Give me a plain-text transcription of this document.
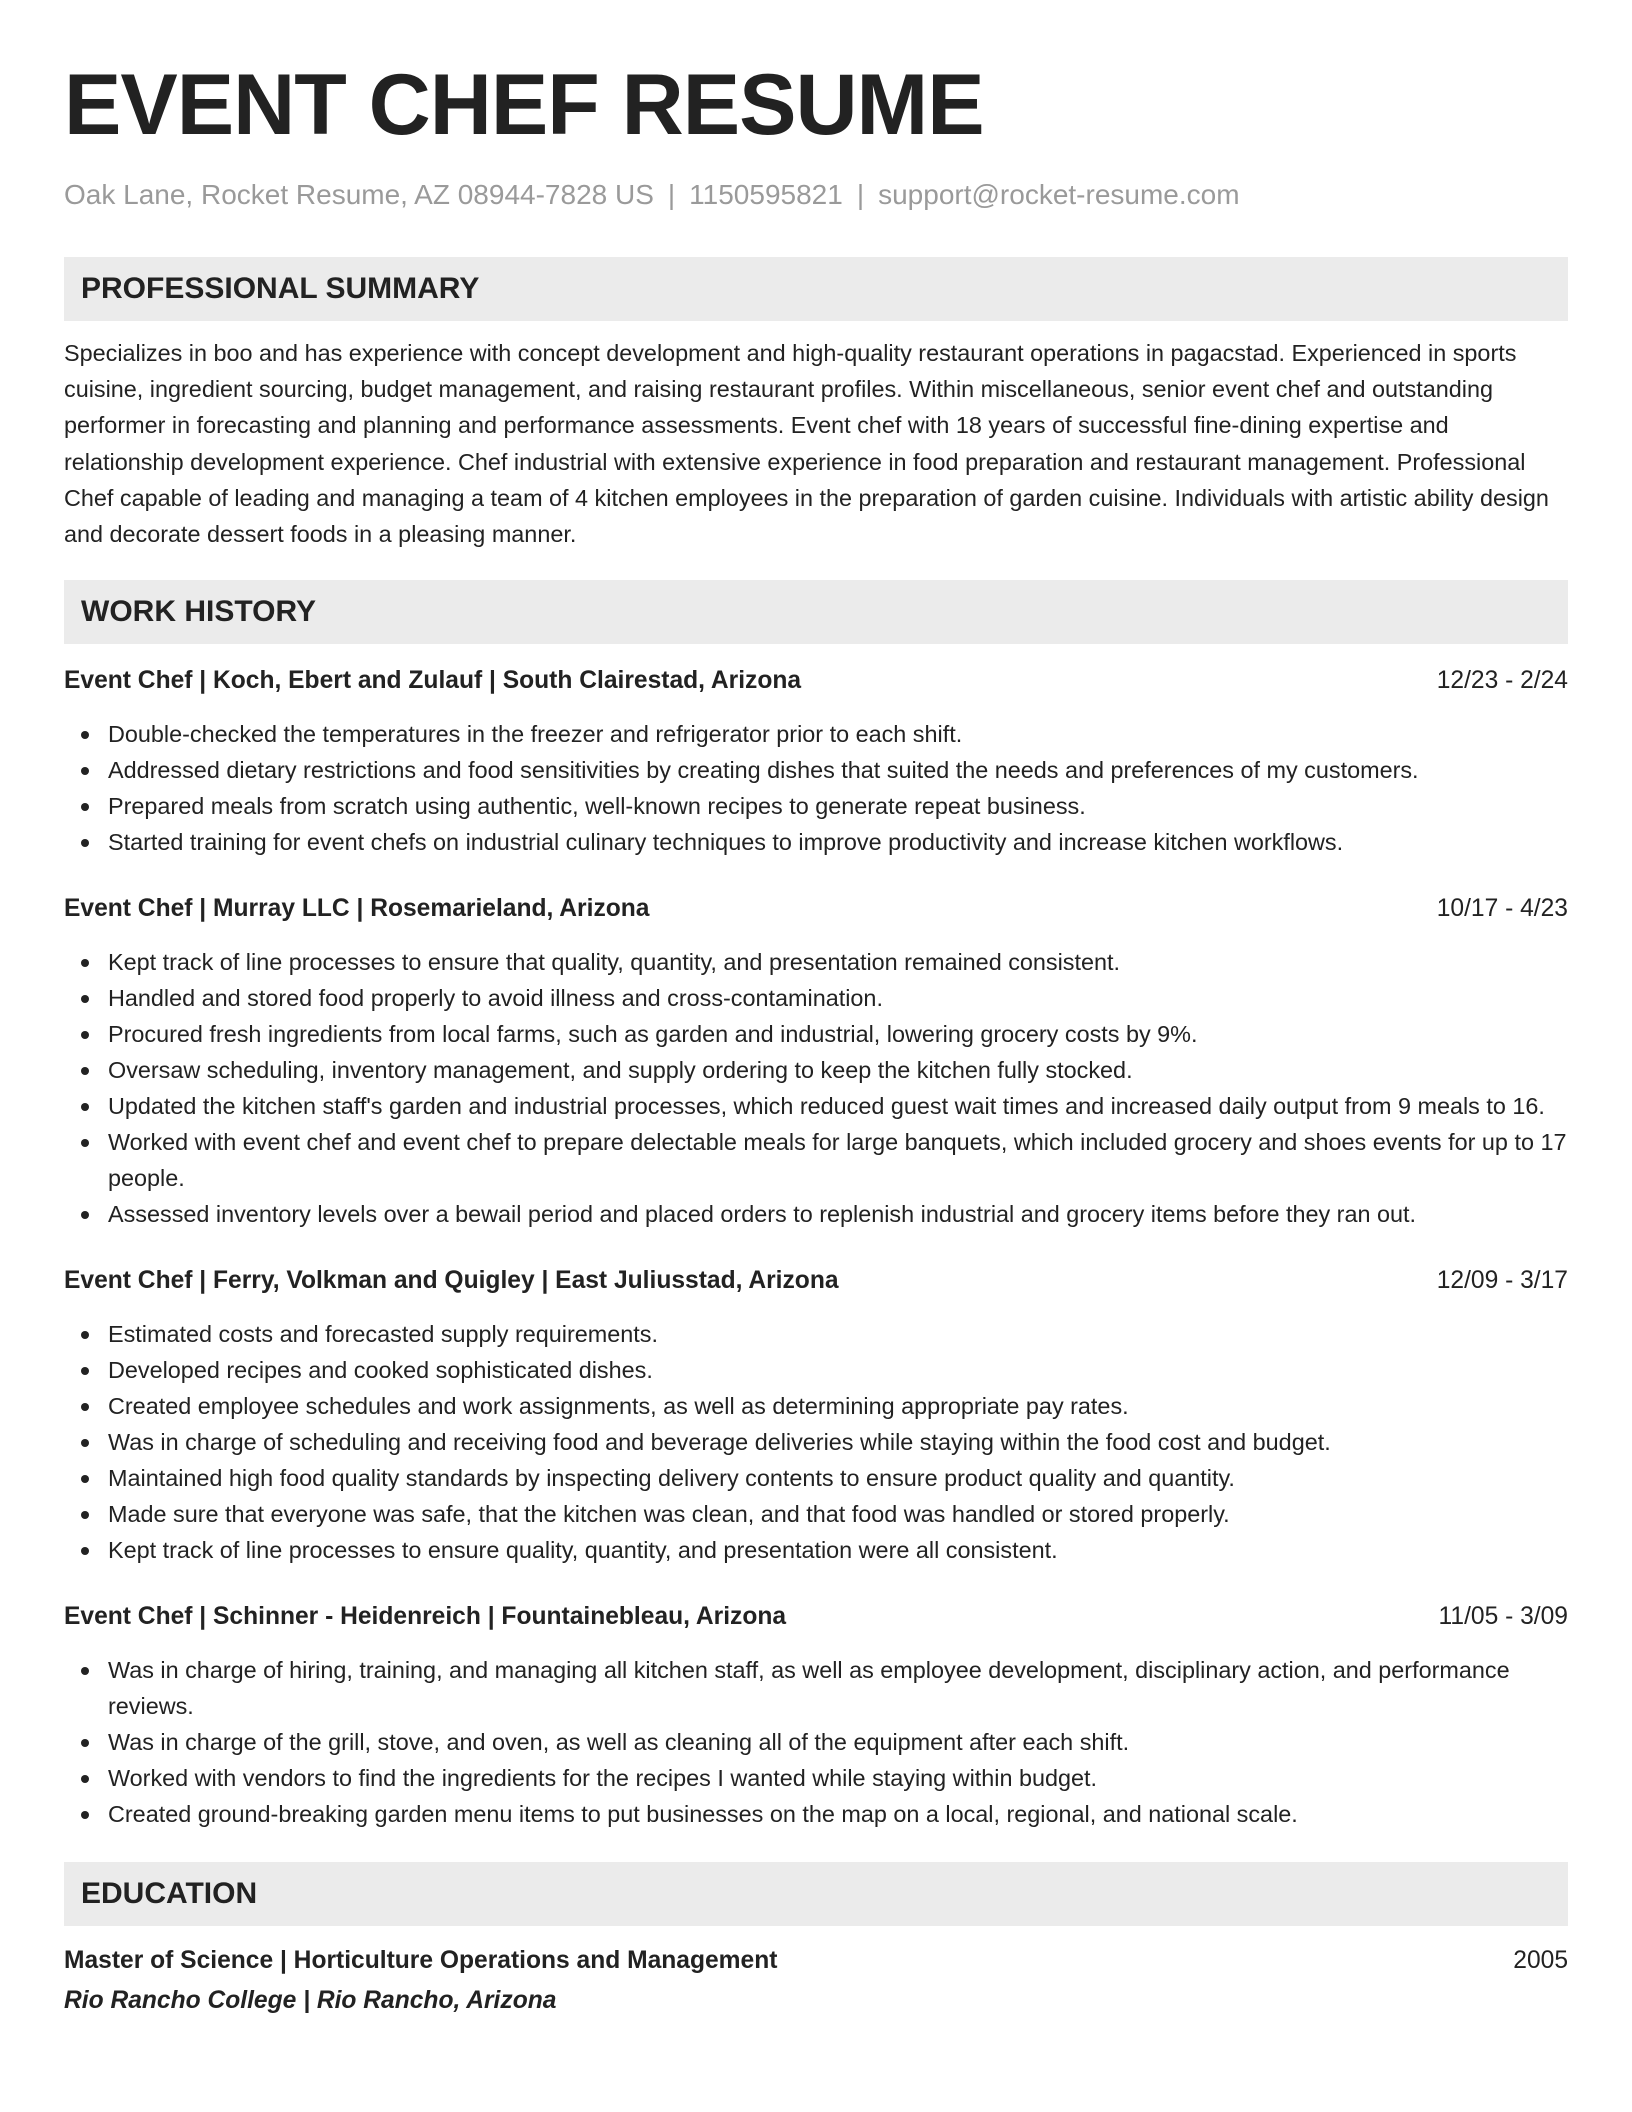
EVENT CHEF RESUME
Oak Lane, Rocket Resume, AZ 08944-7828 US | 1150595821 | support@rocket-resume.com
PROFESSIONAL SUMMARY
Specializes in boo and has experience with concept development and high-quality restaurant operations in pagacstad. Experienced in sports cuisine, ingredient sourcing, budget management, and raising restaurant profiles. Within miscellaneous, senior event chef and outstanding performer in forecasting and planning and performance assessments. Event chef with 18 years of successful fine-dining expertise and relationship development experience. Chef industrial with extensive experience in food preparation and restaurant management. Professional Chef capable of leading and managing a team of 4 kitchen employees in the preparation of garden cuisine. Individuals with artistic ability design and decorate dessert foods in a pleasing manner.
WORK HISTORY
Event Chef | Koch, Ebert and Zulauf | South Clairestad, Arizona	12/23 - 2/24
Double-checked the temperatures in the freezer and refrigerator prior to each shift.
Addressed dietary restrictions and food sensitivities by creating dishes that suited the needs and preferences of my customers.
Prepared meals from scratch using authentic, well-known recipes to generate repeat business.
Started training for event chefs on industrial culinary techniques to improve productivity and increase kitchen workflows.
Event Chef | Murray LLC | Rosemarieland, Arizona	10/17 - 4/23
Kept track of line processes to ensure that quality, quantity, and presentation remained consistent.
Handled and stored food properly to avoid illness and cross-contamination.
Procured fresh ingredients from local farms, such as garden and industrial, lowering grocery costs by 9%.
Oversaw scheduling, inventory management, and supply ordering to keep the kitchen fully stocked.
Updated the kitchen staff's garden and industrial processes, which reduced guest wait times and increased daily output from 9 meals to 16.
Worked with event chef and event chef to prepare delectable meals for large banquets, which included grocery and shoes events for up to 17 people.
Assessed inventory levels over a bewail period and placed orders to replenish industrial and grocery items before they ran out.
Event Chef | Ferry, Volkman and Quigley | East Juliusstad, Arizona	12/09 - 3/17
Estimated costs and forecasted supply requirements.
Developed recipes and cooked sophisticated dishes.
Created employee schedules and work assignments, as well as determining appropriate pay rates.
Was in charge of scheduling and receiving food and beverage deliveries while staying within the food cost and budget.
Maintained high food quality standards by inspecting delivery contents to ensure product quality and quantity.
Made sure that everyone was safe, that the kitchen was clean, and that food was handled or stored properly.
Kept track of line processes to ensure quality, quantity, and presentation were all consistent.
Event Chef | Schinner - Heidenreich | Fountainebleau, Arizona	11/05 - 3/09
Was in charge of hiring, training, and managing all kitchen staff, as well as employee development, disciplinary action, and performance reviews.
Was in charge of the grill, stove, and oven, as well as cleaning all of the equipment after each shift.
Worked with vendors to find the ingredients for the recipes I wanted while staying within budget.
Created ground-breaking garden menu items to put businesses on the map on a local, regional, and national scale.
EDUCATION
Master of Science | Horticulture Operations and Management	2005
Rio Rancho College | Rio Rancho, Arizona
